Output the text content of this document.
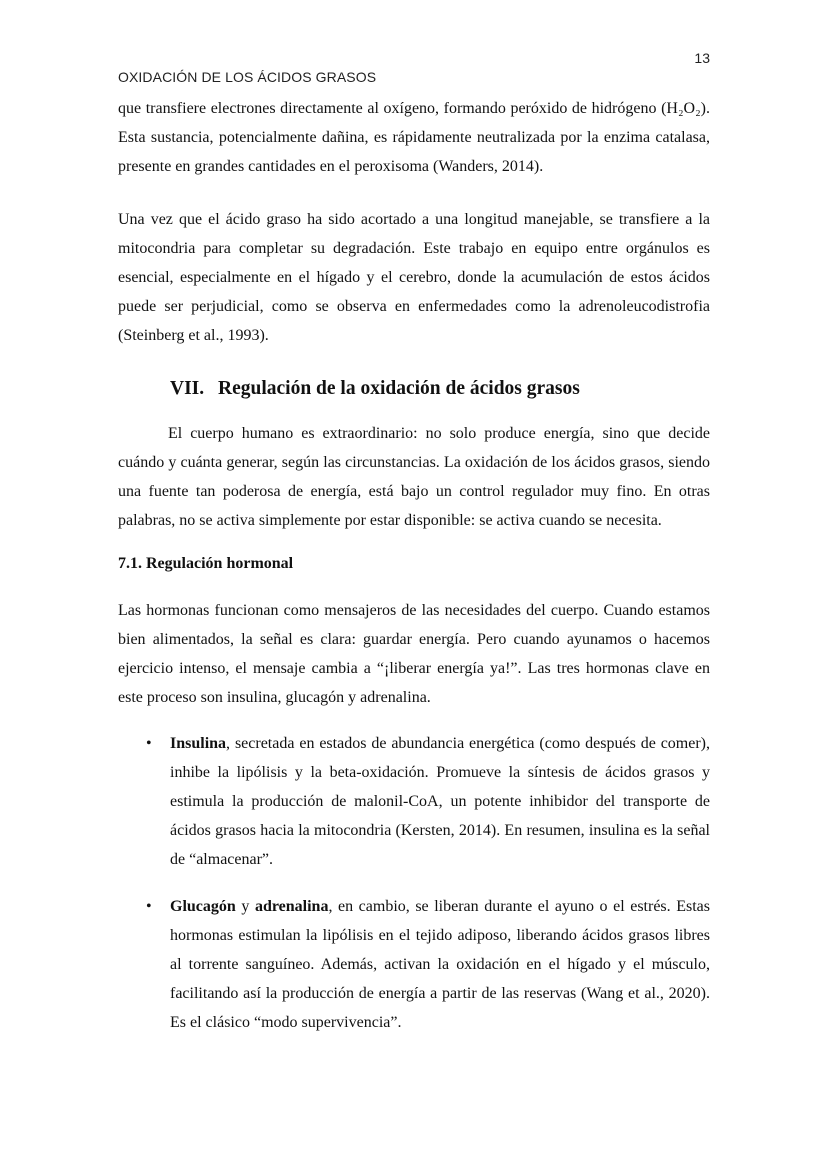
13
OXIDACIÓN DE LOS ÁCIDOS GRASOS

que transfiere electrones directamente al oxígeno, formando peróxido de hidrógeno (H₂O₂). Esta sustancia, potencialmente dañina, es rápidamente neutralizada por la enzima catalasa, presente en grandes cantidades en el peroxisoma (Wanders, 2014).

Una vez que el ácido graso ha sido acortado a una longitud manejable, se transfiere a la mitocondria para completar su degradación. Este trabajo en equipo entre orgánulos es esencial, especialmente en el hígado y el cerebro, donde la acumulación de estos ácidos puede ser perjudicial, como se observa en enfermedades como la adrenoleucodistrofia (Steinberg et al., 1993).

VII. Regulación de la oxidación de ácidos grasos

El cuerpo humano es extraordinario: no solo produce energía, sino que decide cuándo y cuánta generar, según las circunstancias. La oxidación de los ácidos grasos, siendo una fuente tan poderosa de energía, está bajo un control regulador muy fino. En otras palabras, no se activa simplemente por estar disponible: se activa cuando se necesita.

7.1. Regulación hormonal

Las hormonas funcionan como mensajeros de las necesidades del cuerpo. Cuando estamos bien alimentados, la señal es clara: guardar energía. Pero cuando ayunamos o hacemos ejercicio intenso, el mensaje cambia a “¡liberar energía ya!”. Las tres hormonas clave en este proceso son insulina, glucagón y adrenalina.

• Insulina, secretada en estados de abundancia energética (como después de comer), inhibe la lipólisis y la beta-oxidación. Promueve la síntesis de ácidos grasos y estimula la producción de malonil-CoA, un potente inhibidor del transporte de ácidos grasos hacia la mitocondria (Kersten, 2014). En resumen, insulina es la señal de “almacenar”.
• Glucagón y adrenalina, en cambio, se liberan durante el ayuno o el estrés. Estas hormonas estimulan la lipólisis en el tejido adiposo, liberando ácidos grasos libres al torrente sanguíneo. Además, activan la oxidación en el hígado y el músculo, facilitando así la producción de energía a partir de las reservas (Wang et al., 2020). Es el clásico “modo supervivencia”.
